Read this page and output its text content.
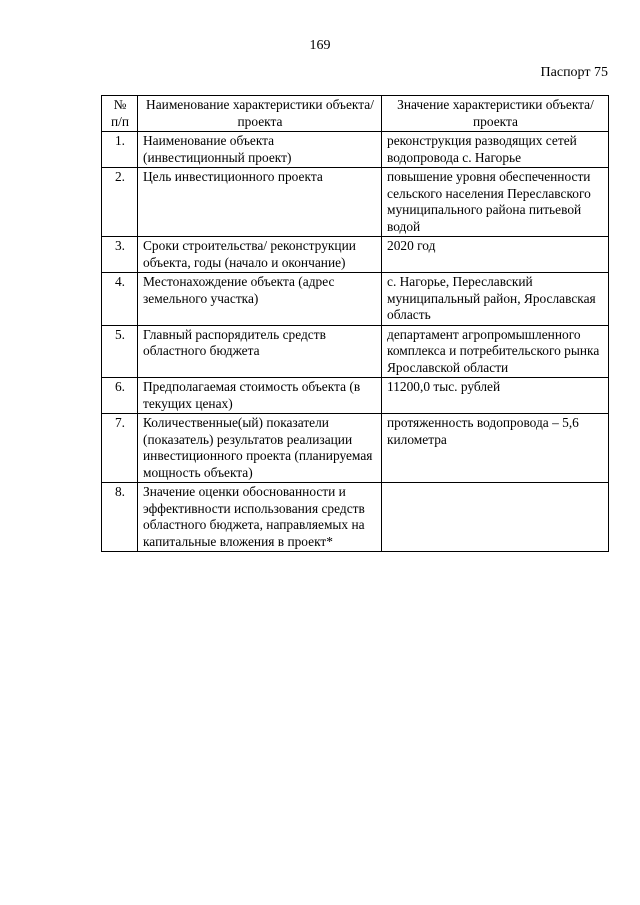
169
Паспорт 75
№ п/п	Наименование характеристики объекта/проекта	Значение характеристики объекта/проекта
1.	Наименование объекта (инвестиционный проект)	реконструкция разводящих сетей водопровода с. Нагорье
2.	Цель инвестиционного проекта	повышение уровня обеспеченности сельского населения Переславского муниципального района питьевой водой
3.	Сроки строительства/ реконструкции объекта, годы (начало и окончание)	2020 год
4.	Местонахождение объекта (адрес земельного участка)	с. Нагорье, Переславский муниципальный район, Ярославская область
5.	Главный распорядитель средств областного бюджета	департамент агропромышленного комплекса и потребительского рынка Ярославской области
6.	Предполагаемая стоимость объекта (в текущих ценах)	11200,0 тыс. рублей
7.	Количественные(ый) показатели (показатель) результатов реализации инвестиционного проекта (планируемая мощность объекта)	протяженность водопровода – 5,6 километра
8.	Значение оценки обоснованности и эффективности использования средств областного бюджета, направляемых на капитальные вложения в проект*	
